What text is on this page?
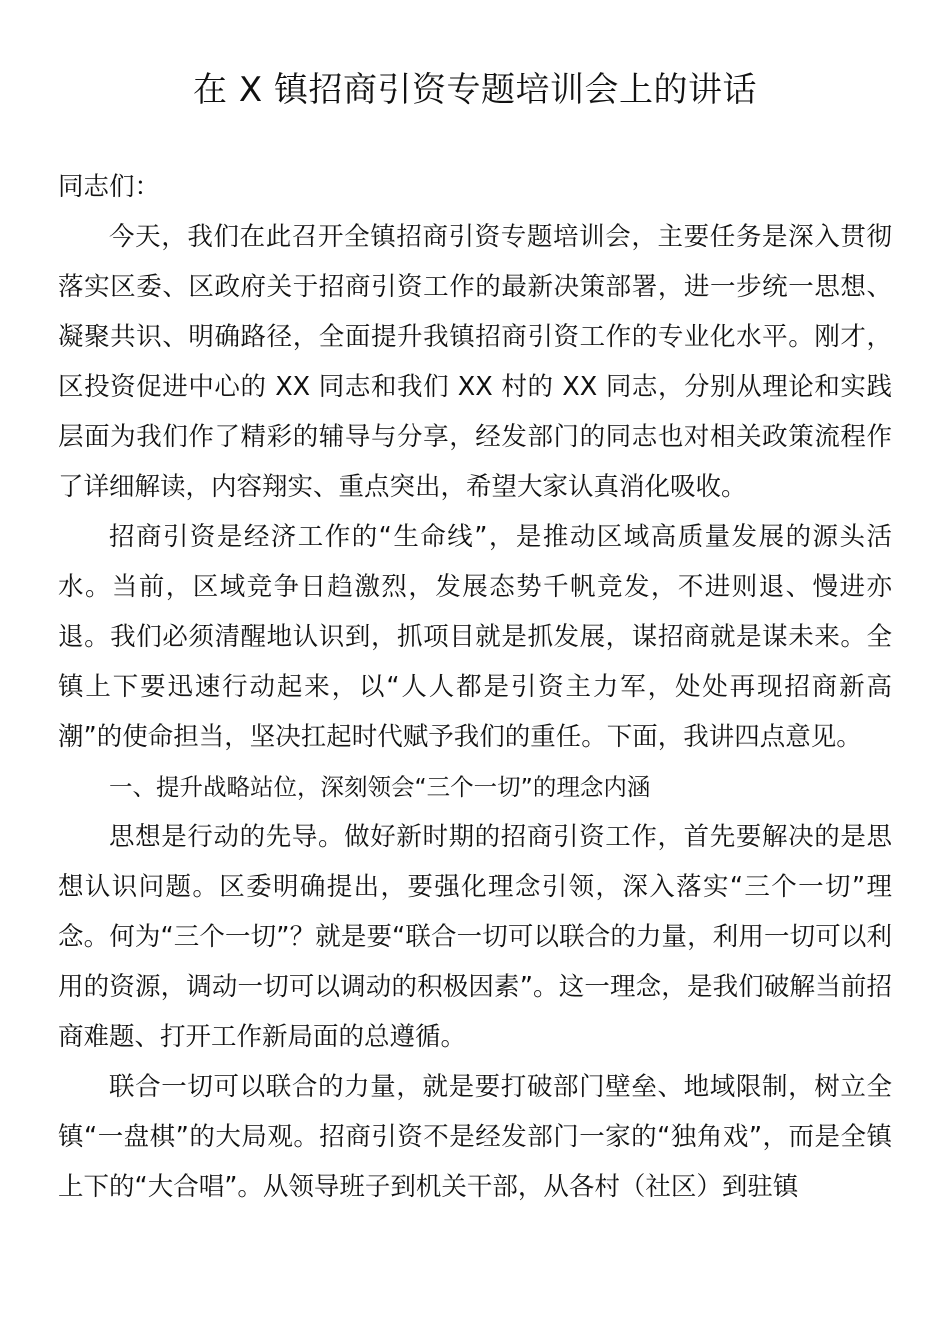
在 X 镇招商引资专题培训会上的讲话

同志们：

今天，我们在此召开全镇招商引资专题培训会，主要任务是深入贯彻落实区委、区政府关于招商引资工作的最新决策部署，进一步统一思想、凝聚共识、明确路径，全面提升我镇招商引资工作的专业化水平。刚才，区投资促进中心的 XX 同志和我们 XX 村的 XX 同志，分别从理论和实践层面为我们作了精彩的辅导与分享，经发部门的同志也对相关政策流程作了详细解读，内容翔实、重点突出，希望大家认真消化吸收。

招商引资是经济工作的“生命线”，是推动区域高质量发展的源头活水。当前，区域竞争日趋激烈，发展态势千帆竞发，不进则退、慢进亦退。我们必须清醒地认识到，抓项目就是抓发展，谋招商就是谋未来。全镇上下要迅速行动起来，以“人人都是引资主力军，处处再现招商新高潮”的使命担当，坚决扛起时代赋予我们的重任。下面，我讲四点意见。

一、提升战略站位，深刻领会“三个一切”的理念内涵

思想是行动的先导。做好新时期的招商引资工作，首先要解决的是思想认识问题。区委明确提出，要强化理念引领，深入落实“三个一切”理念。何为“三个一切”？就是要“联合一切可以联合的力量，利用一切可以利用的资源，调动一切可以调动的积极因素”。这一理念，是我们破解当前招商难题、打开工作新局面的总遵循。

联合一切可以联合的力量，就是要打破部门壁垒、地域限制，树立全镇“一盘棋”的大局观。招商引资不是经发部门一家的“独角戏”，而是全镇上下的“大合唱”。从领导班子到机关干部，从各村（社区）到驻镇
